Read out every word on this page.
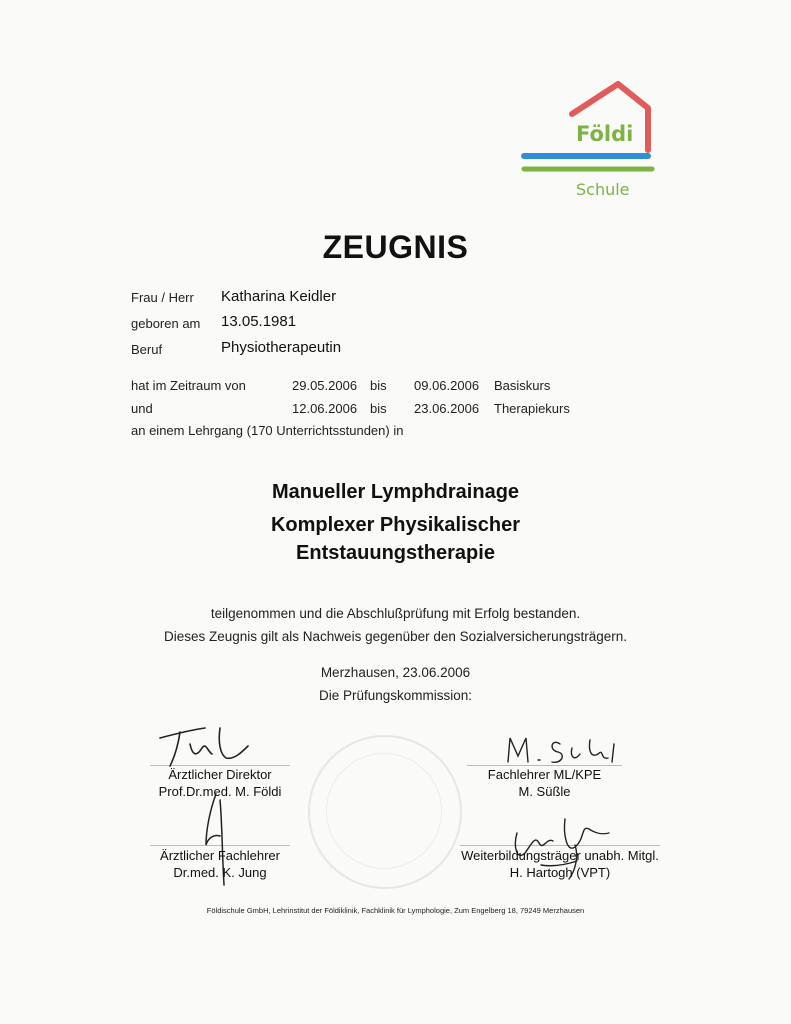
Földi
Schule
ZEUGNIS
Frau / Herr Katharina Keidler
geboren am 13.05.1981
Beruf	Physiotherapeutin
hat im Zeitraum von
und
29.05.2006 bis 09.06.2006 Basiskurs
12.06.2006 bis 23.06.2006 Therapiekurs
an einem Lehrgang (170 Unterrichtsstunden) in
Manueller Lymphdrainage
Komplexer Physikalischer
Entstauungstherapie
teilgenommen und die Abschlußprüfung mit Erfolg bestanden.
Dieses Zeugnis gilt als Nachweis gegenüber den Sozialversicherungsträgern.
Merzhausen, 23.06.2006
Die Prüfungskommission:
Ärztlicher Direktor
Prof.Dr.med. M. Földi
Fachlehrer ML/KPE
M. Süßle
Ärztlicher Fachlehrer
Dr.med. K. Jung
Weiterbildungsträger unabh. Mitgl.
H. Hartogh (VPT)
Földischule GmbH, Lehrinstitut der Földiklinik, Fachklinik für Lymphologie, Zum Engelberg 18, 79249 Merzhausen
